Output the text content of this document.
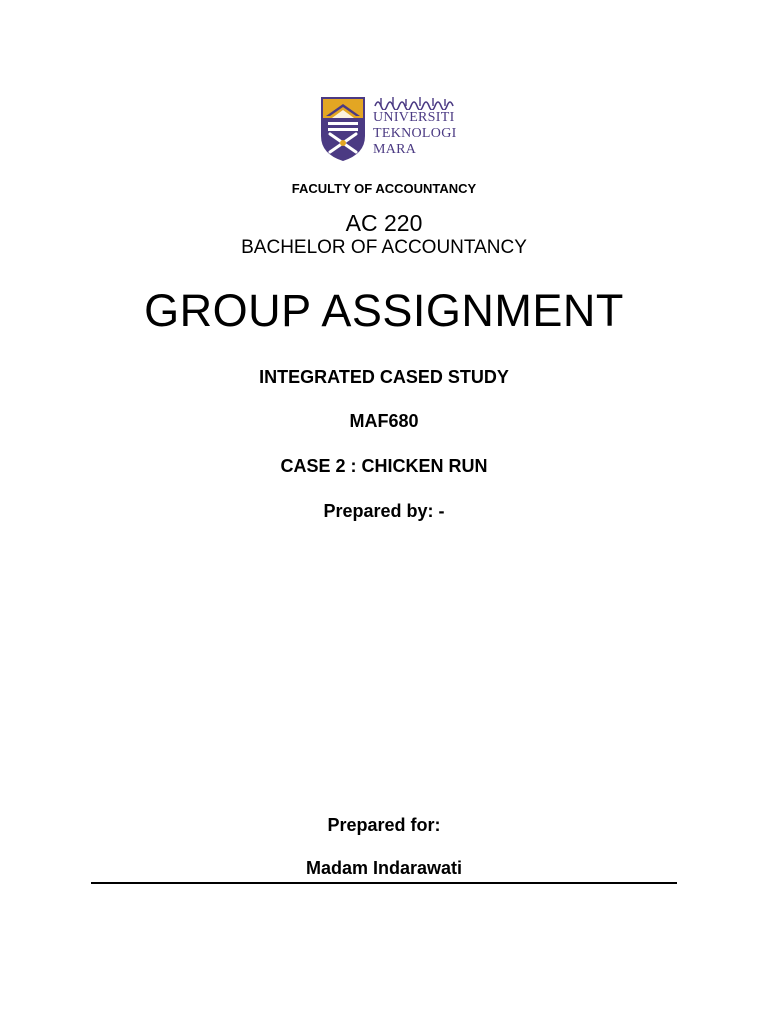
UNIVERSITI
TEKNOLOGI
MARA
FACULTY OF ACCOUNTANCY
AC 220
BACHELOR OF ACCOUNTANCY
GROUP ASSIGNMENT
INTEGRATED CASED STUDY
MAF680
CASE 2 : CHICKEN RUN
Prepared by: -
Prepared for:
Madam Indarawati
